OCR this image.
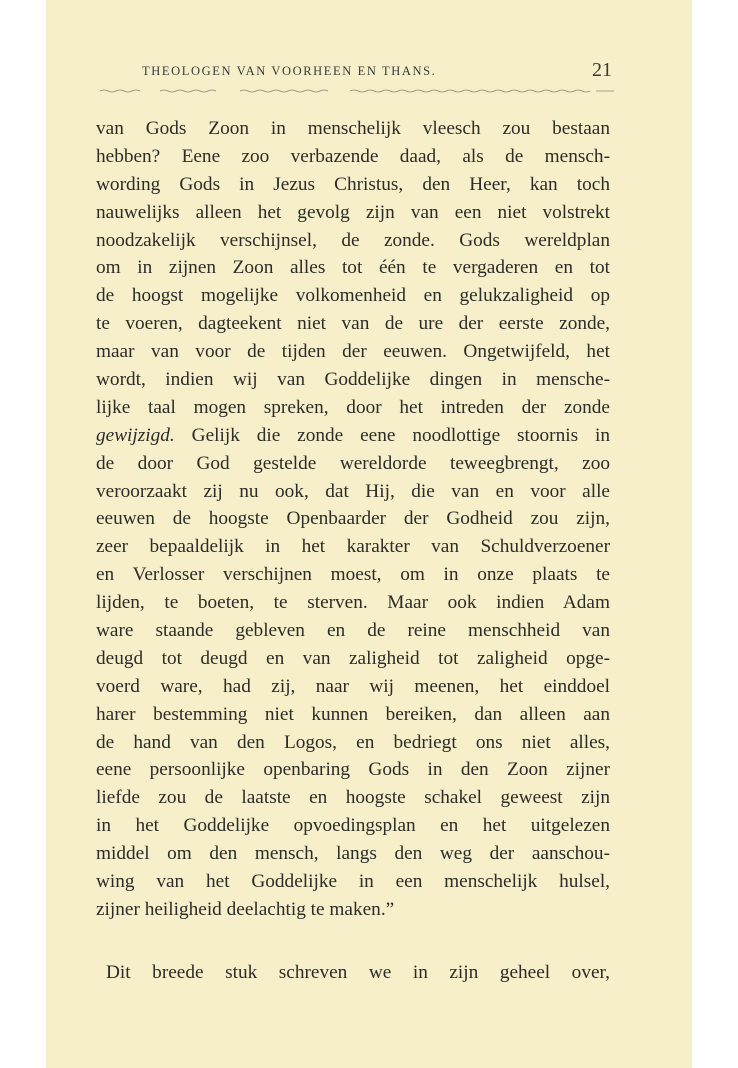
THEOLOGEN VAN VOORHEEN EN THANS.	21
van Gods Zoon in menschelijk vleesch zou bestaan
hebben? Eene zoo verbazende daad, als de mensch-
wording Gods in Jezus Christus, den Heer, kan toch
nauwelijks alleen het gevolg zijn van een niet volstrekt
noodzakelijk verschijnsel, de zonde. Gods wereldplan
om in zijnen Zoon alles tot één te vergaderen en tot
de hoogst mogelijke volkomenheid en gelukzaligheid op
te voeren, dagteekent niet van de ure der eerste zonde,
maar van voor de tijden der eeuwen. Ongetwijfeld, het
wordt, indien wij van Goddelijke dingen in mensche-
lijke taal mogen spreken, door het intreden der zonde
gewijzigd. Gelijk die zonde eene noodlottige stoornis in
de door God gestelde wereldorde teweegbrengt, zoo
veroorzaakt zij nu ook, dat Hij, die van en voor alle
eeuwen de hoogste Openbaarder der Godheid zou zijn,
zeer bepaaldelijk in het karakter van Schuldverzoener
en Verlosser verschijnen moest, om in onze plaats te
lijden, te boeten, te sterven. Maar ook indien Adam
ware staande gebleven en de reine menschheid van
deugd tot deugd en van zaligheid tot zaligheid opge-
voerd ware, had zij, naar wij meenen, het einddoel
harer bestemming niet kunnen bereiken, dan alleen aan
de hand van den Logos, en bedriegt ons niet alles,
eene persoonlijke openbaring Gods in den Zoon zijner
liefde zou de laatste en hoogste schakel geweest zijn
in het Goddelijke opvoedingsplan en het uitgelezen
middel om den mensch, langs den weg der aanschou-
wing van het Goddelijke in een menschelijk hulsel,
zijner heiligheid deelachtig te maken.”
Dit breede stuk schreven we in zijn geheel over,
